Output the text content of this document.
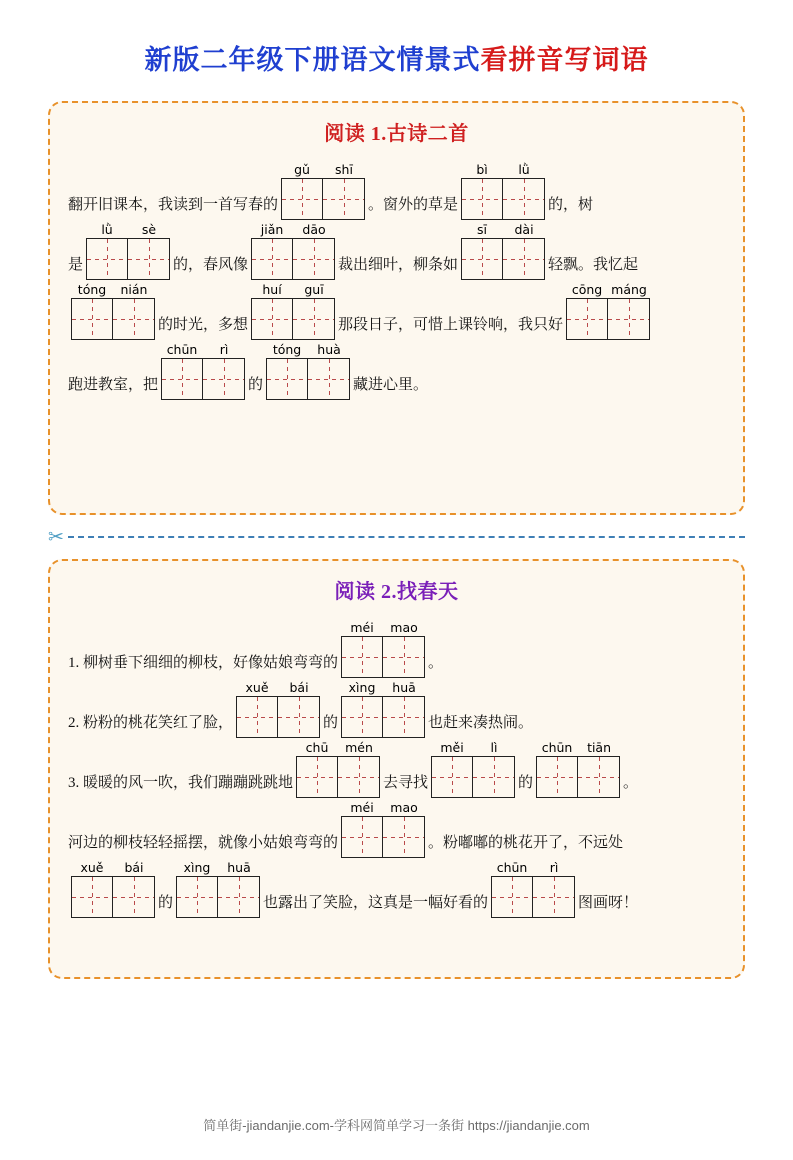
新版二年级下册语文情景式看拼音写词语
阅读 1.古诗二首
翻开旧课本，我读到一首写春的
gǔ	shī
。窗外的草是
bì	lǜ
的，树
是
lǜ	sè
的，春风像
jiǎn	dāo
裁出细叶，柳条如
sī	dài
轻飘。我忆起
tóng	nián
的时光，多想
huí	guī
那段日子，可惜上课铃响，我只好
cōng máng
跑进教室，把
chūn	rì
的
tóng	huà
藏进心里。
✂
阅读 2.找春天
1. 柳树垂下细细的柳枝，好像姑娘弯弯的
méi	mao
。
2. 粉粉的桃花笑红了脸，
xuě	bái
的
xìng	huā
也赶来凑热闹。
3. 暖暖的风一吹，我们蹦蹦跳跳地
chū	mén
去寻找
měi	lì
的
chūn	tiān
。
河边的柳枝轻轻摇摆，就像小姑娘弯弯的
méi	mao
。粉嘟嘟的桃花开了，不远处
xuě	bái
的
xìng	huā
也露出了笑脸，这真是一幅好看的
chūn	rì
图画呀！
简单街-jiandanjie.com-学科网简单学习一条街 https://jiandanjie.com
